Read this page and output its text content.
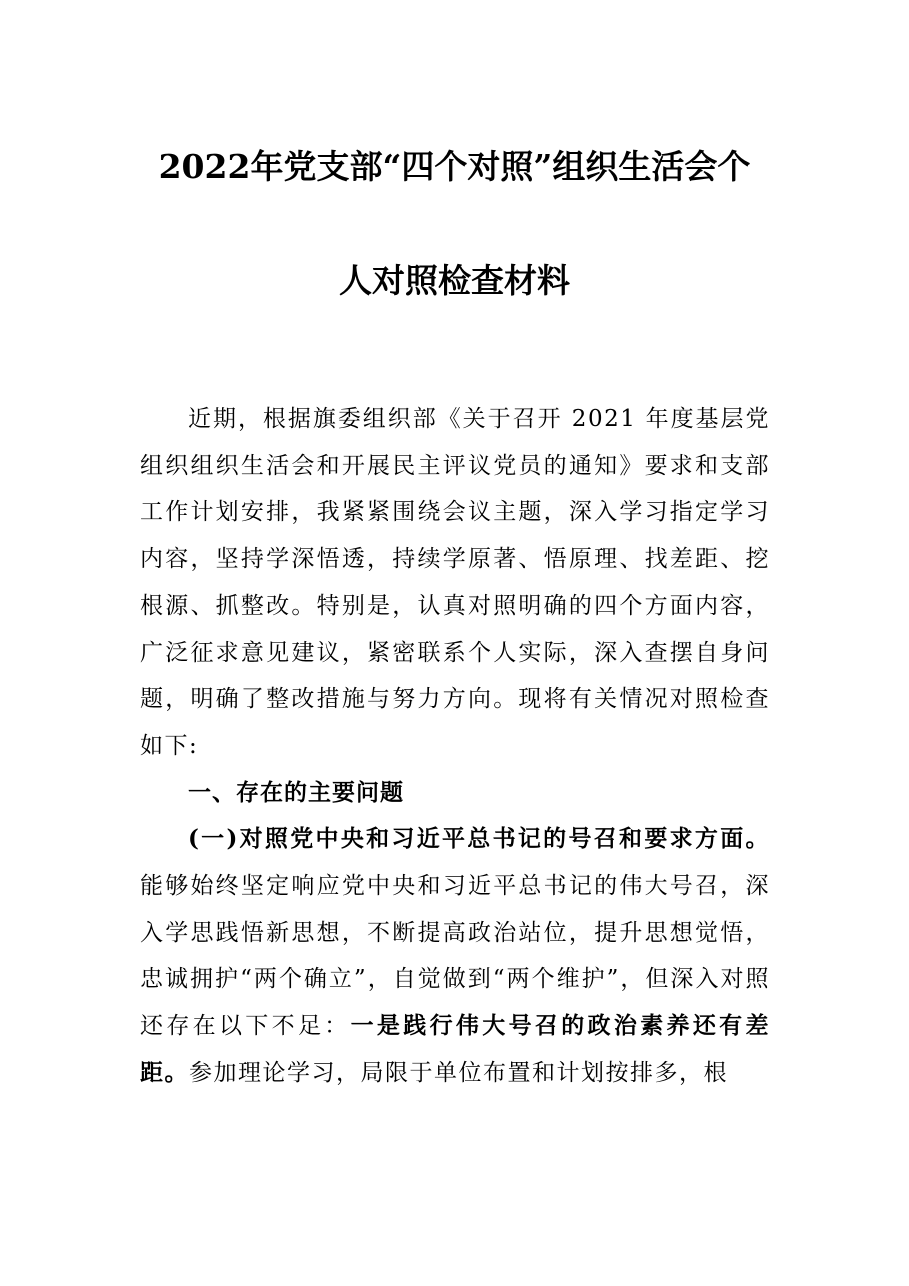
2022年党支部“四个对照”组织生活会个
人对照检查材料

近期，根据旗委组织部《关于召开 2021 年度基层党组织组织生活会和开展民主评议党员的通知》要求和支部工作计划安排，我紧紧围绕会议主题，深入学习指定学习内容，坚持学深悟透，持续学原著、悟原理、找差距、挖根源、抓整改。特别是，认真对照明确的四个方面内容，广泛征求意见建议，紧密联系个人实际，深入查摆自身问题，明确了整改措施与努力方向。现将有关情况对照检查如下:

一、存在的主要问题

(一)对照党中央和习近平总书记的号召和要求方面。能够始终坚定响应党中央和习近平总书记的伟大号召，深入学思践悟新思想，不断提高政治站位，提升思想觉悟，忠诚拥护“两个确立”，自觉做到“两个维护”，但深入对照还存在以下不足：一是践行伟大号召的政治素养还有差距。参加理论学习，局限于单位布置和计划按排多，根
